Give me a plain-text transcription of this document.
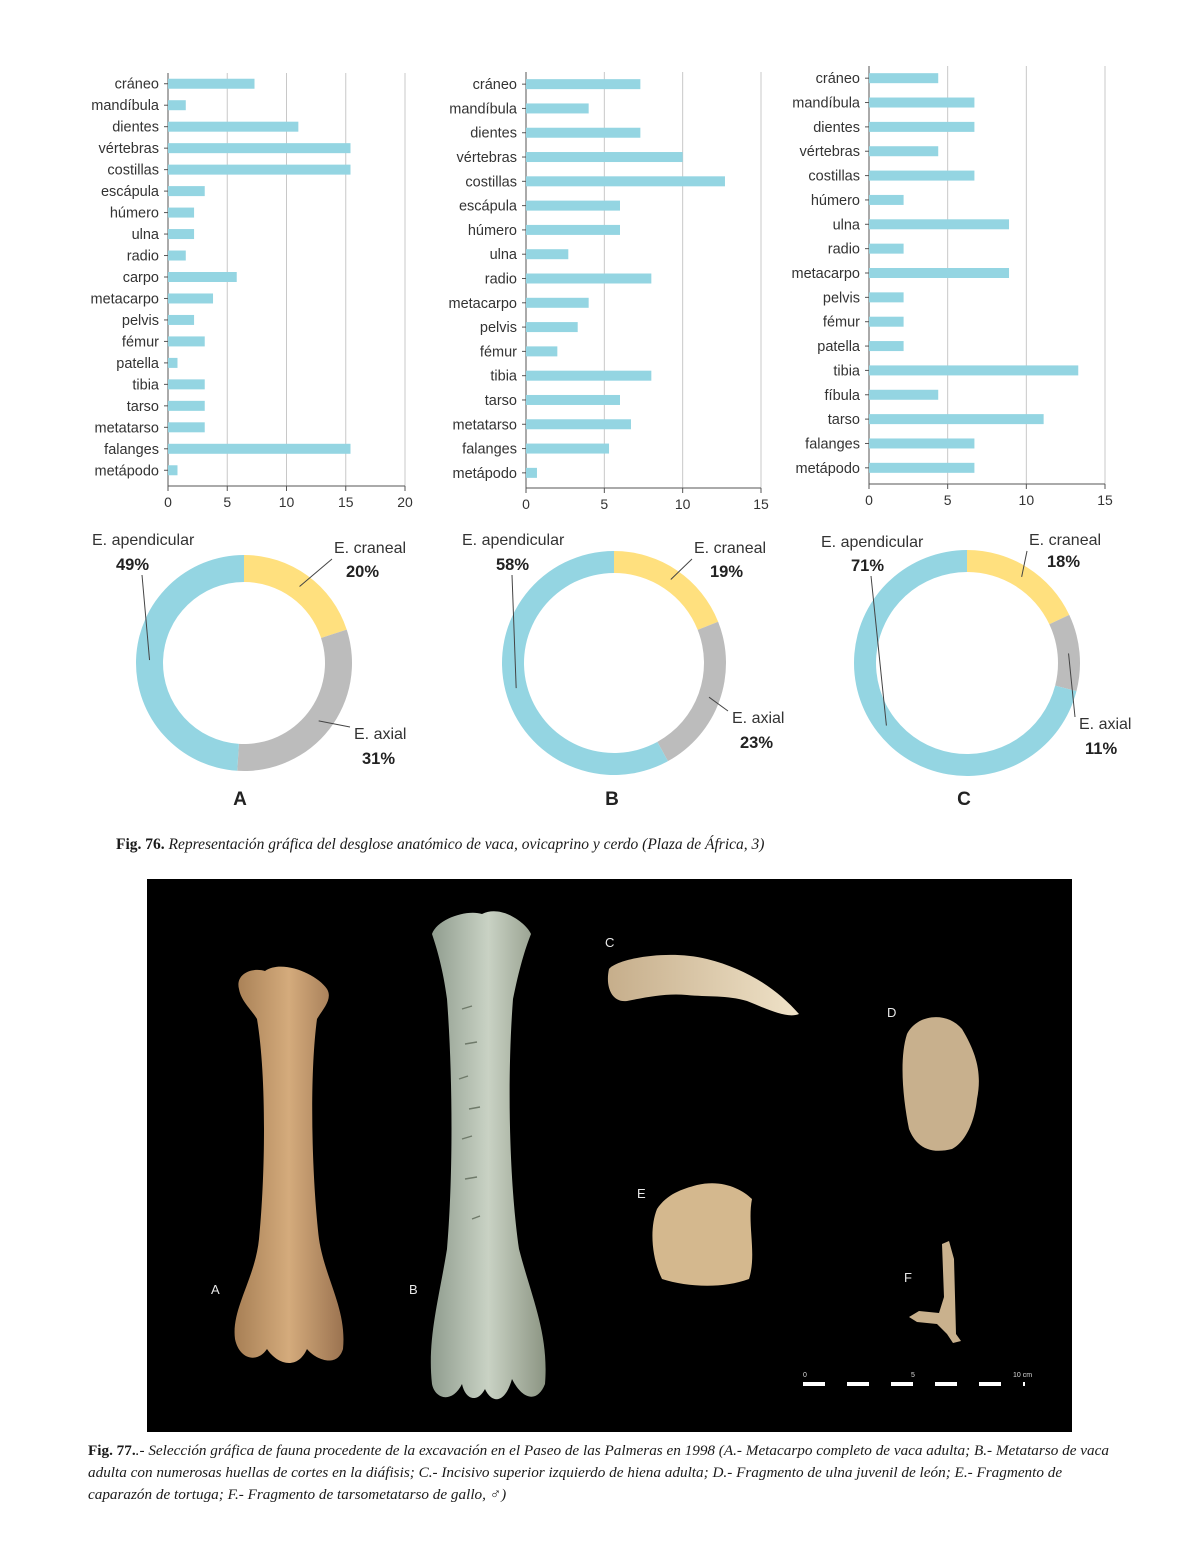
0	5	10	15	20
cráneo
mandíbula
dientes
vértebras
costillas
escápula
húmero
ulna
radio
carpo
metacarpo
pelvis
fémur
patella
tibia
tarso
metatarso
falanges
metápodo
0	5	10	15
cráneo
mandíbula
dientes
vértebras
costillas
escápula
húmero
ulna
radio
metacarpo
pelvis
fémur
tibia
tarso
metatarso
falanges
metápodo
0	5	10	15
cráneo
mandíbula
dientes
vértebras
costillas
húmero
ulna
radio
metacarpo
pelvis
fémur
patella
tibia
fíbula
tarso
falanges
metápodo
E. craneal
20%
E. axial
31%
E. apendicular
49%
E. craneal
19%
E. axial
23%
E. apendicular
58%
E. craneal
18%
E. axial
11%
E. apendicular
71%
A	B	C
Fig. 76. Representación gráfica del desglose anatómico de vaca, ovicaprino y cerdo (Plaza de África, 3)
0	5	10 cm
A	B
C
D
E
F
Fig. 77..- Selección gráfica de fauna procedente de la excavación en el Paseo de las Palmeras en 1998 (A.- Metacarpo completo de vaca adulta; B.- Metatarso de vaca adulta con numerosas huellas de cortes en la diáfisis; C.- Incisivo superior izquierdo de hiena adulta; D.- Fragmento de ulna juvenil de león; E.- Fragmento de caparazón de tortuga; F.- Fragmento de tarsometatarso de gallo, ♂)
